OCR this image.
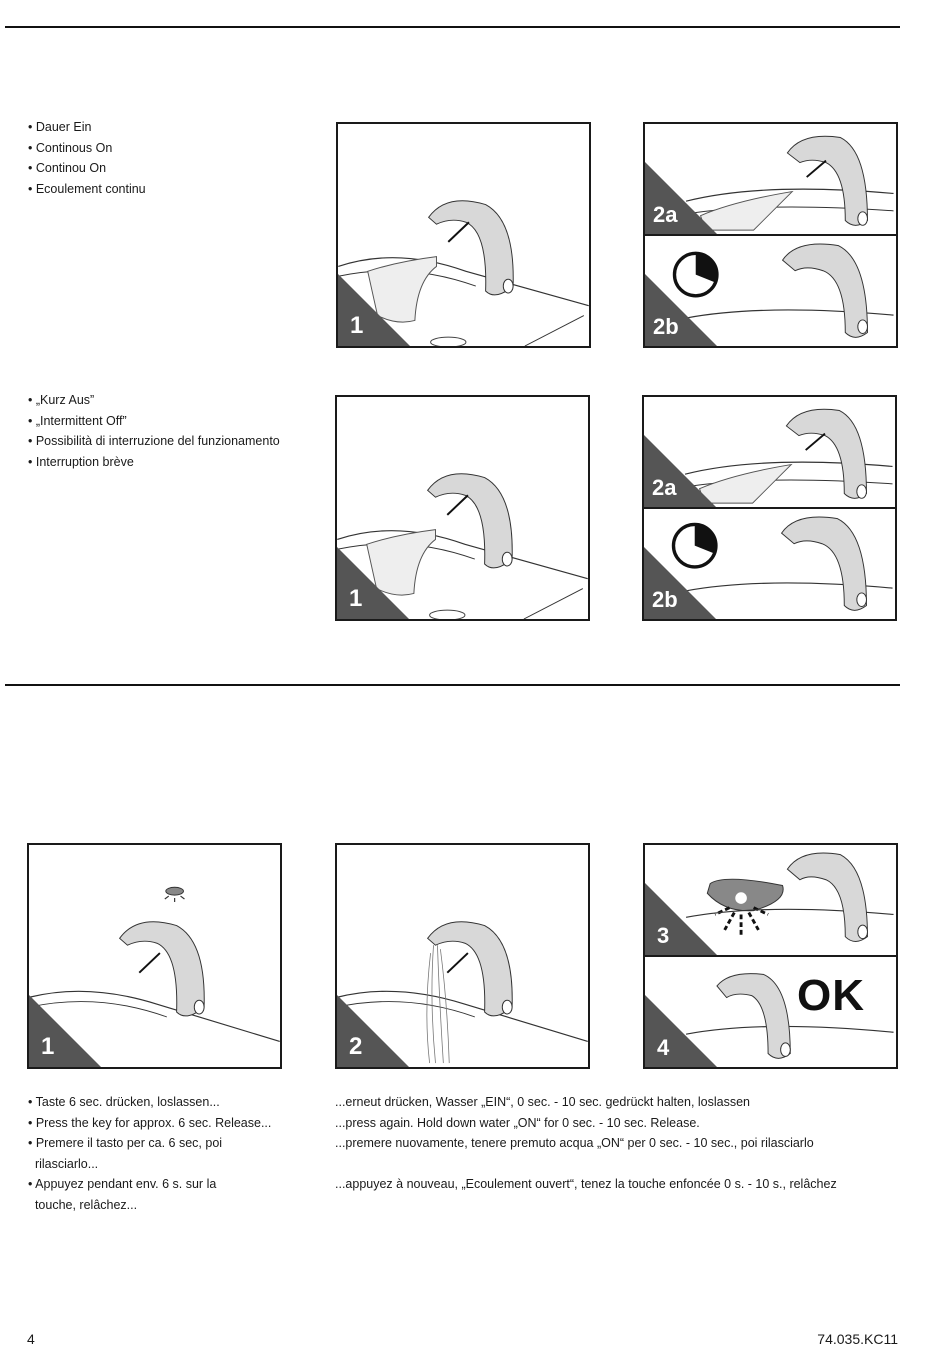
• Dauer Ein
• Continous On
• Continou On
• Ecoulement continu
1
2a
2b
• „Kurz Aus”
• „Intermittent Off”
• Possibilità di interruzione del funzionamento
• Interruption brève
1
2a
2b
1	2
3
OK
4
• Taste 6 sec. drücken, loslassen...
• Press the key for approx. 6 sec. Release...
• Premere il tasto per ca. 6 sec, poi
rilasciarlo...
• Appuyez pendant env. 6 s. sur la
touche, relâchez...
...erneut drücken, Wasser „EIN“, 0 sec. - 10 sec. gedrückt halten, loslassen
...press again. Hold down water „ON“ for 0 sec. - 10 sec. Release.
...premere nuovamente, tenere premuto acqua „ON“ per 0 sec. - 10 sec., poi rilasciarlo
...appuyez à nouveau, „Ecoulement ouvert“, tenez la touche enfoncée 0 s. - 10 s., relâchez
4	74.035.KC11
